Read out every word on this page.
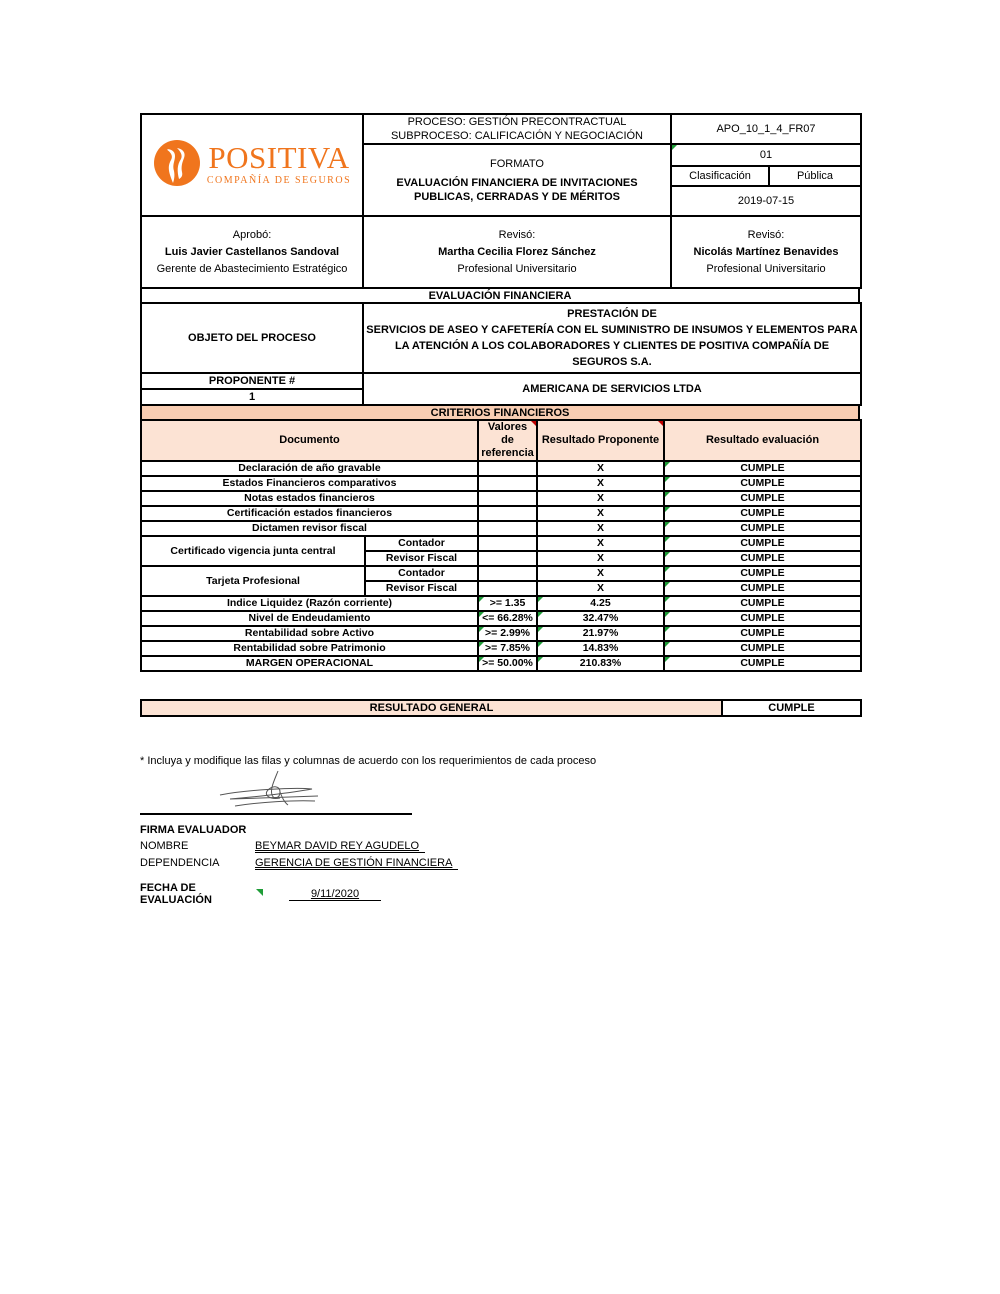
POSITIVA
COMPAÑÍA DE SEGUROS

PROCESO: GESTIÓN PRECONTRACTUAL
SUBPROCESO: CALIFICACIÓN Y NEGOCIACIÓN
	APO_10_1_4_FR07

	FORMATO
EVALUACIÓN FINANCIERA DE INVITACIONES PUBLICAS, CERRADAS Y DE MÉRITOS	01	
		Clasificación	Pública
		2019-07-15	
Aprobó:
Luis Javier Castellanos Sandoval
Gerente de Abastecimiento Estratégico

Revisó:
Martha Cecilia Florez Sánchez
Profesional Universitario

Revisó:
Nicolás Martínez Benavides
Profesional Universitario
EVALUACIÓN FINANCIERA
OBJETO DEL PROCESO	PRESTACIÓN DE
SERVICIOS DE ASEO Y CAFETERÍA CON EL SUMINISTRO DE INSUMOS Y ELEMENTOS PARA
LA ATENCIÓN A LOS COLABORADORES Y CLIENTES DE POSITIVA COMPAÑÍA DE
SEGUROS S.A.

PROPONENTE #	AMERICANA DE SERVICIOS LTDA
1	
CRITERIOS FINANCIEROS
Documento		Valores de referencia	Resultado Proponente	Resultado evaluación
Declaración de año gravable			X	CUMPLE
Estados Financieros comparativos			X	CUMPLE
Notas estados financieros			X	CUMPLE
Certificación estados financieros			X	CUMPLE
Dictamen revisor fiscal			X	CUMPLE
Certificado vigencia junta central	Contador		X	CUMPLE
	Revisor Fiscal		X	CUMPLE
Tarjeta Profesional	Contador		X	CUMPLE
	Revisor Fiscal		X	CUMPLE
Indice Liquidez (Razón corriente)		>= 1.35	4.25	CUMPLE
Nivel de Endeudamiento		<= 66.28%	32.47%	CUMPLE
Rentabilidad sobre Activo		>= 2.99%	21.97%	CUMPLE
Rentabilidad sobre Patrimonio		>= 7.85%	14.83%	CUMPLE
MARGEN OPERACIONAL		>= 50.00%	210.83%	CUMPLE
RESULTADO GENERAL	CUMPLE
* Incluya y modifique las filas y columnas de acuerdo con los requerimientos de cada proceso
FIRMA EVALUADOR
NOMBRE	BEYMAR DAVID REY AGUDELO
DEPENDENCIA	GERENCIA DE GESTIÓN FINANCIERA
FECHA DE EVALUACIÓN
9/11/2020
